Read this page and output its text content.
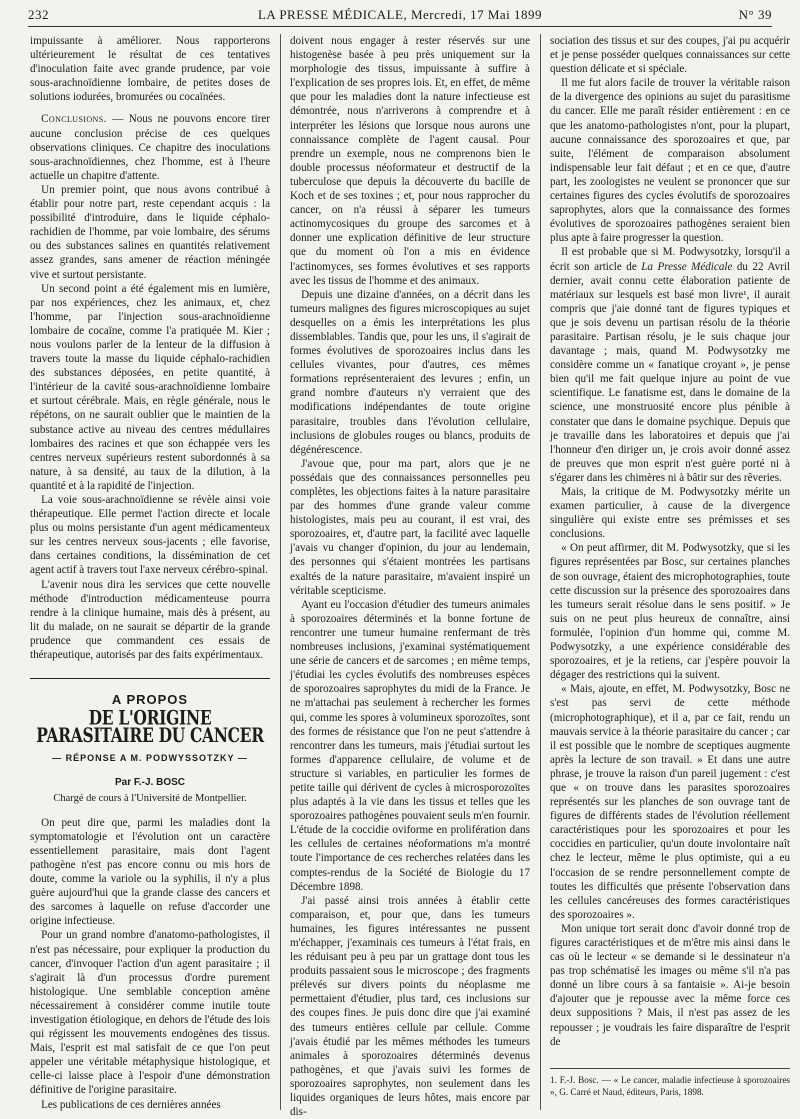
232	LA PRESSE MÉDICALE, Mercredi, 17 Mai 1899	N° 39

impuissante à améliorer. Nous rapporterons ultérieurement le résultat de ces tentatives d'inoculation faite avec grande prudence, par voie sous-arachnoïdienne lombaire, de petites doses de solutions iodurées, bromurées ou cocaïnées.

Conclusions. — Nous ne pouvons encore tirer aucune conclusion précise de ces quelques observations cliniques. Ce chapitre des inoculations sous-arachnoïdiennes, chez l'homme, est à l'heure actuelle un chapitre d'attente.

Un premier point, que nous avons contribué à établir pour notre part, reste cependant acquis : la possibilité d'introduire, dans le liquide céphalo-rachidien de l'homme, par voie lombaire, des sérums ou des substances salines en quantités relativement assez grandes, sans amener de réaction méningée vive et surtout persistante.

Un second point a été également mis en lumière, par nos expériences, chez les animaux, et, chez l'homme, par l'injection sous-arachnoïdienne lombaire de cocaïne, comme l'a pratiquée M. Kier ; nous voulons parler de la lenteur de la diffusion à travers toute la masse du liquide céphalo-rachidien des substances déposées, en petite quantité, à l'intérieur de la cavité sous-arachnoïdienne lombaire et surtout cérébrale. Mais, en règle générale, nous le répétons, on ne saurait oublier que le maintien de la substance active au niveau des centres médullaires lombaires des racines et que son échappée vers les centres nerveux supérieurs restent subordonnés à sa nature, à sa densité, au taux de la dilution, à la quantité et à la rapidité de l'injection.

La voie sous-arachnoïdienne se révèle ainsi voie thérapeutique. Elle permet l'action directe et locale plus ou moins persistante d'un agent médicamenteux sur les centres nerveux sous-jacents ; elle favorise, dans certaines conditions, la dissémination de cet agent actif à travers tout l'axe nerveux cérébro-spinal.

L'avenir nous dira les services que cette nouvelle méthode d'introduction médicamenteuse pourra rendre à la clinique humaine, mais dès à présent, au lit du malade, on ne saurait se départir de la grande prudence que commandent ces essais de thérapeutique, autorisés par des faits expérimentaux.

A PROPOS
DE L'ORIGINE PARASITAIRE DU CANCER
— RÉPONSE A M. PODWYSSOTZKY —
Par F.-J. BOSC
Chargé de cours à l'Université de Montpellier.

On peut dire que, parmi les maladies dont la symptomatologie et l'évolution ont un caractère essentiellement parasitaire, mais dont l'agent pathogène n'est pas encore connu ou mis hors de doute, comme la variole ou la syphilis, il n'y a plus guère aujourd'hui que la grande classe des cancers et des sarcomes à laquelle on refuse d'accorder une origine infectieuse.

Pour un grand nombre d'anatomo-pathologistes, il n'est pas nécessaire, pour expliquer la production du cancer, d'invoquer l'action d'un agent parasitaire ; il s'agirait là d'un processus d'ordre purement histologique. Une semblable conception amène nécessairement à considérer comme inutile toute investigation étiologique, en dehors de l'étude des lois qui régissent les mouvements endogènes des tissus. Mais, l'esprit est mal satisfait de ce que l'on peut appeler une véritable métaphysique histologique, et celle-ci laisse place à l'espoir d'une démonstration définitive de l'origine parasitaire.

Les publications de ces dernières années

doivent nous engager à rester réservés sur une histogenèse basée à peu près uniquement sur la morphologie des tissus, impuissante à suffire à l'explication de ses propres lois. Et, en effet, de même que pour les maladies dont la nature infectieuse est démontrée, nous n'arriverons à comprendre et à interpréter les lésions que lorsque nous aurons une connaissance complète de l'agent causal. Pour prendre un exemple, nous ne comprenons bien le double processus néoformateur et destructif de la tuberculose que depuis la découverte du bacille de Koch et de ses toxines ; et, pour nous rapprocher du cancer, on n'a réussi à séparer les tumeurs actinomycosiques du groupe des sarcomes et à donner une explication définitive de leur structure que du moment où l'on a mis en évidence l'actinomyces, ses formes évolutives et ses rapports avec les tissus de l'homme et des animaux.

Depuis une dizaine d'années, on a décrit dans les tumeurs malignes des figures microscopiques au sujet desquelles on a émis les interprétations les plus dissemblables. Tandis que, pour les uns, il s'agirait de formes évolutives de sporozoaires inclus dans les cellules vivantes, pour d'autres, ces mêmes formations représenteraient des levures ; enfin, un grand nombre d'auteurs n'y verraient que des modifications indépendantes de toute origine parasitaire, troubles dans l'évolution cellulaire, inclusions de globules rouges ou blancs, produits de dégénérescence.

J'avoue que, pour ma part, alors que je ne possédais que des connaissances personnelles peu complètes, les objections faites à la nature parasitaire par des hommes d'une grande valeur comme histologistes, mais peu au courant, il est vrai, des sporozoaires, et, d'autre part, la facilité avec laquelle j'avais vu changer d'opinion, du jour au lendemain, des personnes qui s'étaient montrées les partisans exaltés de la nature parasitaire, m'avaient inspiré un véritable scepticisme.

Ayant eu l'occasion d'étudier des tumeurs animales à sporozoaires déterminés et la bonne fortune de rencontrer une tumeur humaine renfermant de très nombreuses inclusions, j'examinai systématiquement une série de cancers et de sarcomes ; en même temps, j'étudiai les cycles évolutifs des nombreuses espèces de sporozoaires saprophytes du midi de la France. Je ne m'attachai pas seulement à rechercher les formes qui, comme les spores à volumineux sporozoïtes, sont des formes de résistance que l'on ne peut s'attendre à rencontrer dans les tumeurs, mais j'étudiai surtout les formes d'apparence cellulaire, de volume et de structure si variables, en particulier les formes de petite taille qui dérivent de cycles à microsporozoïtes plus adaptés à la vie dans les tissus et telles que les sporozoaires pathogènes pouvaient seuls m'en fournir. L'étude de la coccidie oviforme en prolifération dans les cellules de certaines néoformations m'a montré toute l'importance de ces recherches relatées dans les comptes-rendus de la Société de Biologie du 17 Décembre 1898.

J'ai passé ainsi trois années à établir cette comparaison, et, pour que, dans les tumeurs humaines, les figures intéressantes ne pussent m'échapper, j'examinais ces tumeurs à l'état frais, en les réduisant peu à peu par un grattage dont tous les produits passaient sous le microscope ; des fragments prélevés sur divers points du néoplasme me permettaient d'étudier, plus tard, ces inclusions sur des coupes fines. Je puis donc dire que j'ai examiné des tumeurs entières cellule par cellule. Comme j'avais étudié par les mêmes méthodes les tumeurs animales à sporozoaires déterminés devenus pathogènes, et que j'avais suivi les formes de sporozoaires saprophytes, non seulement dans les liquides organiques de leurs hôtes, mais encore par dis-

sociation des tissus et sur des coupes, j'ai pu acquérir et je pense posséder quelques connaissances sur cette question délicate et si spéciale.

Il me fut alors facile de trouver la véritable raison de la divergence des opinions au sujet du parasitisme du cancer. Elle me paraît résider entièrement : en ce que les anatomo-pathologistes n'ont, pour la plupart, aucune connaissance des sporozoaires et que, par suite, l'élément de comparaison absolument indispensable leur fait défaut ; et en ce que, d'autre part, les zoologistes ne veulent se prononcer que sur certaines figures des cycles évolutifs de sporozoaires saprophytes, alors que la connaissance des formes évolutives de sporozoaires pathogènes seraient bien plus apte à faire progresser la question.

Il est probable que si M. Podwysotzky, lorsqu'il a écrit son article de La Presse Médicale du 22 Avril dernier, avait connu cette élaboration patiente de matériaux sur lesquels est basé mon livre¹, il aurait compris que j'aie donné tant de figures typiques et que je sois devenu un partisan résolu de la théorie parasitaire. Partisan résolu, je le suis chaque jour davantage ; mais, quand M. Podwysotzky me considère comme un « fanatique croyant », je pense bien qu'il me fait quelque injure au point de vue scientifique. Le fanatisme est, dans le domaine de la science, une monstruosité encore plus pénible à constater que dans le domaine psychique. Depuis que je travaille dans les laboratoires et depuis que j'ai l'honneur d'en diriger un, je crois avoir donné assez de preuves que mon esprit n'est guère porté ni à s'égarer dans les chimères ni à bâtir sur des rêveries.

Mais, la critique de M. Podwysotzky mérite un examen particulier, à cause de la divergence singulière qui existe entre ses prémisses et ses conclusions.

« On peut affirmer, dit M. Podwysotzky, que si les figures représentées par Bosc, sur certaines planches de son ouvrage, étaient des microphotographies, toute cette discussion sur la présence des sporozoaires dans les tumeurs serait résolue dans le sens positif. » Je suis on ne peut plus heureux de connaître, ainsi formulée, l'opinion d'un homme qui, comme M. Podwysotzky, a une expérience considérable des sporozoaires, et je la retiens, car j'espère pouvoir la dégager des restrictions qui la suivent.

« Mais, ajoute, en effet, M. Podwysotzky, Bosc ne s'est pas servi de cette méthode (microphotographique), et il a, par ce fait, rendu un mauvais service à la théorie parasitaire du cancer ; car il est possible que le nombre de sceptiques augmente après la lecture de son travail. » Et dans une autre phrase, je trouve la raison d'un pareil jugement : c'est que « on trouve dans les parasites sporozoaires représentés sur les planches de son ouvrage tant de figures de différents stades de l'évolution réellement caractéristiques pour les sporozoaires et pour les coccidies en particulier, qu'un doute involontaire naît chez le lecteur, même le plus optimiste, qui a eu l'occasion de se rendre personnellement compte de toutes les difficultés que présente l'observation dans les cellules cancéreuses des formes caractéristiques des sporozoaires ».

Mon unique tort serait donc d'avoir donné trop de figures caractéristiques et de m'être mis ainsi dans le cas où le lecteur « se demande si le dessinateur n'a pas trop schématisé les images ou même s'il n'a pas donné un libre cours à sa fantaisie ». Ai-je besoin d'ajouter que je repousse avec la même force ces deux suppositions ? Mais, il n'est pas assez de les repousser ; je voudrais les faire disparaître de l'esprit de

1. F.-J. Bosc. — « Le cancer, maladie infectieuse à sporozoaires », G. Carré et Naud, éditeurs, Paris, 1898.
